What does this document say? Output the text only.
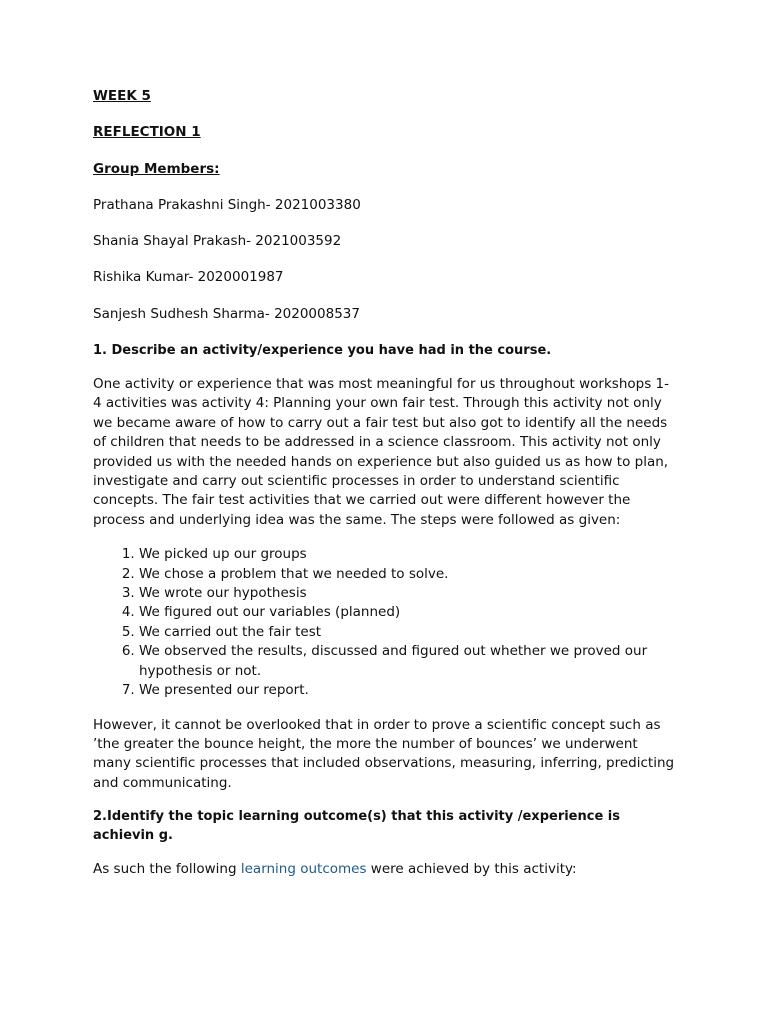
WEEK 5

REFLECTION 1

Group Members:

Prathana Prakashni Singh- 2021003380

Shania Shayal Prakash- 2021003592

Rishika Kumar- 2020001987

Sanjesh Sudhesh Sharma- 2020008537

1. Describe an activity/experience you have had in the course.

One activity or experience that was most meaningful for us throughout workshops 1-4 activities was activity 4: Planning your own fair test. Through this activity not only we became aware of how to carry out a fair test but also got to identify all the needs of children that needs to be addressed in a science classroom. This activity not only provided us with the needed hands on experience but also guided us as how to plan, investigate and carry out scientific processes in order to understand scientific concepts. The fair test activities that we carried out were different however the process and underlying idea was the same. The steps were followed as given:

1. We picked up our groups
2. We chose a problem that we needed to solve.
3. We wrote our hypothesis
4. We figured out our variables (planned)
5. We carried out the fair test
6. We observed the results, discussed and figured out whether we proved our hypothesis or not.
7. We presented our report.

However, it cannot be overlooked that in order to prove a scientific concept such as ’the greater the bounce height, the more the number of bounces’ we underwent many scientific processes that included observations, measuring, inferring, predicting and communicating.

2.Identify the topic learning outcome(s) that this activity /experience is achievin g.

As such the following learning outcomes were achieved by this activity:
